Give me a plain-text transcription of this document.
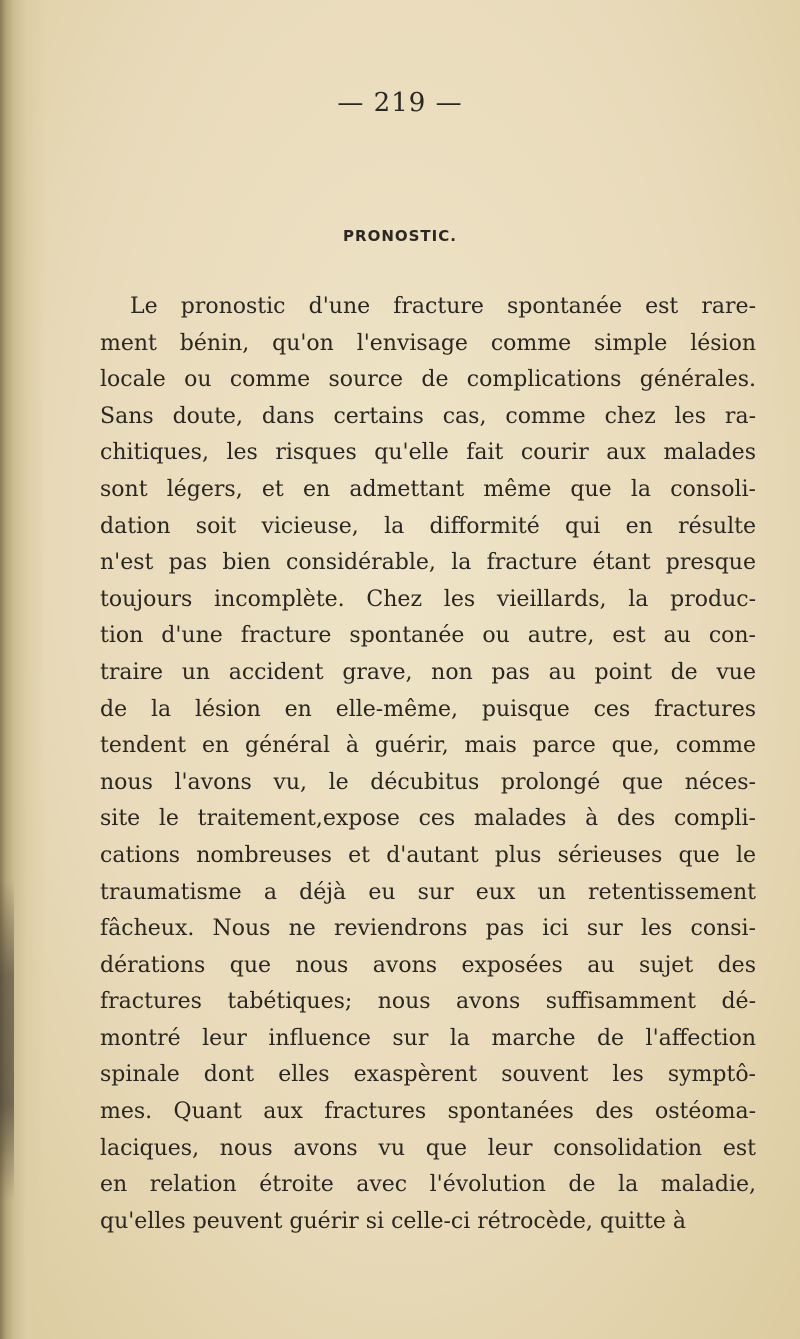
— 219 —
PRONOSTIC.
Le pronostic d'une fracture spontanée est rare-
ment bénin, qu'on l'envisage comme simple lésion
locale ou comme source de complications générales.
Sans doute, dans certains cas, comme chez les ra-
chitiques, les risques qu'elle fait courir aux malades
sont légers, et en admettant même que la consoli-
dation soit vicieuse, la difformité qui en résulte
n'est pas bien considérable, la fracture étant presque
toujours incomplète. Chez les vieillards, la produc-
tion d'une fracture spontanée ou autre, est au con-
traire un accident grave, non pas au point de vue
de la lésion en elle-même, puisque ces fractures
tendent en général à guérir, mais parce que, comme
nous l'avons vu, le décubitus prolongé que néces-
site le traitement,expose ces malades à des compli-
cations nombreuses et d'autant plus sérieuses que le
traumatisme a déjà eu sur eux un retentissement
fâcheux. Nous ne reviendrons pas ici sur les consi-
dérations que nous avons exposées au sujet des
fractures tabétiques; nous avons suffisamment dé-
montré leur influence sur la marche de l'affection
spinale dont elles exaspèrent souvent les symptô-
mes. Quant aux fractures spontanées des ostéoma-
laciques, nous avons vu que leur consolidation est
en relation étroite avec l'évolution de la maladie,
qu'elles peuvent guérir si celle-ci rétrocède, quitte à
